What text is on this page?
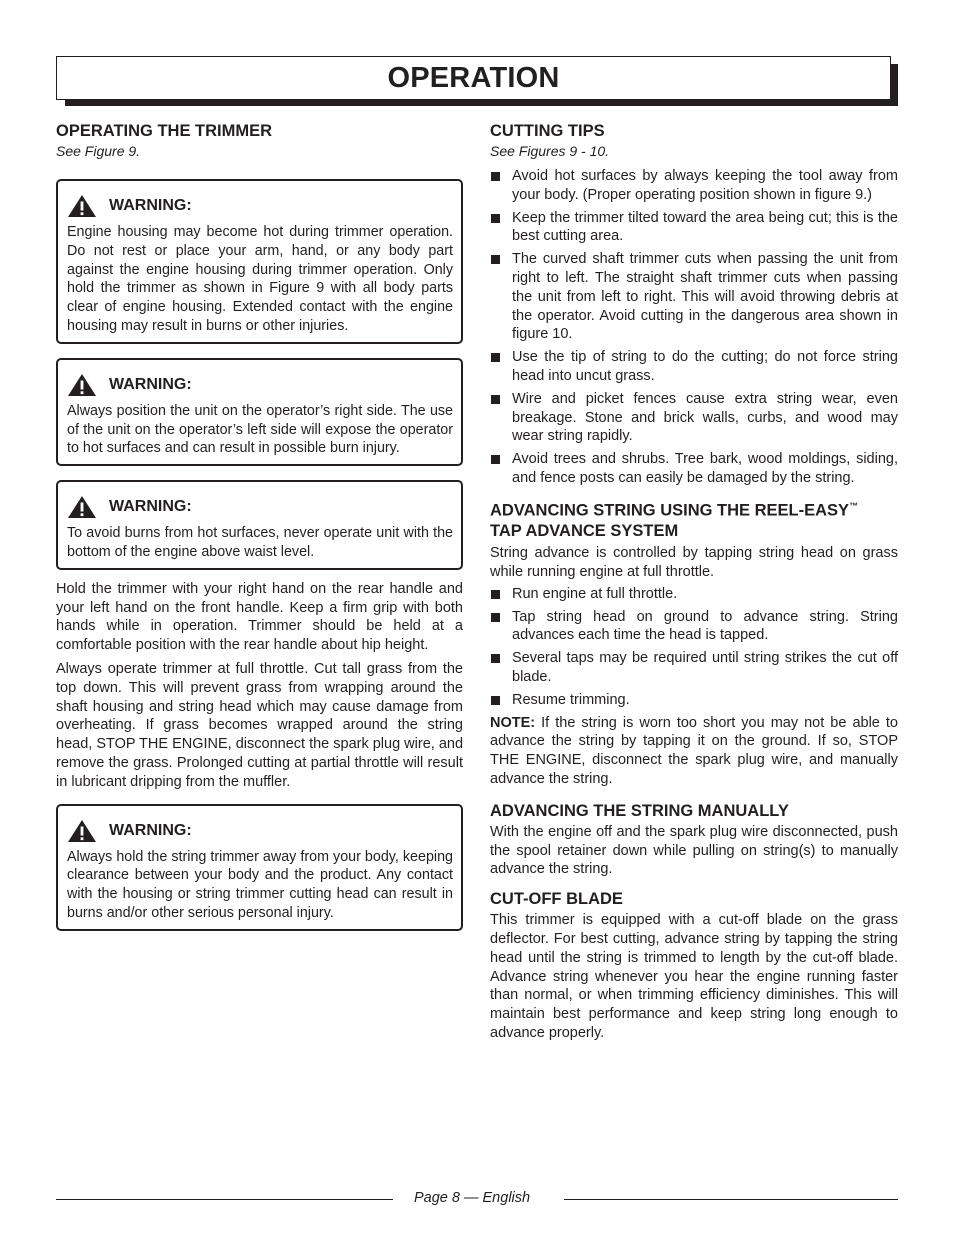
OPERATION
OPERATING THE TRIMMER
See Figure 9.
WARNING:

Engine housing may become hot during trimmer operation. Do not rest or place your arm, hand, or any body part against the engine housing during trimmer operation. Only hold the trimmer as shown in Figure 9 with all body parts clear of engine housing. Extended contact with the engine housing may result in burns or other injuries.

WARNING:

Always position the unit on the operator’s right side. The use of the unit on the operator’s left side will expose the operator to hot surfaces and can result in possible burn injury.

WARNING:

To avoid burns from hot surfaces, never operate unit with the bottom of the engine above waist level.

Hold the trimmer with your right hand on the rear handle and your left hand on the front handle. Keep a firm grip with both hands while in operation. Trimmer should be held at a comfortable position with the rear handle about hip height.

Always operate trimmer at full throttle. Cut tall grass from the top down. This will prevent grass from wrapping around the shaft housing and string head which may cause damage from overheating. If grass becomes wrapped around the string head, STOP THE ENGINE, disconnect the spark plug wire, and remove the grass. Prolonged cutting at partial throttle will result in lubricant dripping from the muffler.

WARNING:

Always hold the string trimmer away from your body, keeping clearance between your body and the product. Any contact with the housing or string trimmer cutting head can result in burns and/or other serious personal injury.

CUTTING TIPS
See Figures 9 - 10.
Avoid hot surfaces by always keeping the tool away from your body. (Proper operating position shown in figure 9.)
Keep the trimmer tilted toward the area being cut; this is the best cutting area.
The curved shaft trimmer cuts when passing the unit from right to left. The straight shaft trimmer cuts when passing the unit from left to right. This will avoid throwing debris at the operator. Avoid cutting in the dangerous area shown in figure 10.
Use the tip of string to do the cutting; do not force string head into uncut grass.
Wire and picket fences cause extra string wear, even breakage. Stone and brick walls, curbs, and wood may wear string rapidly.
Avoid trees and shrubs. Tree bark, wood moldings, siding, and fence posts can easily be damaged by the string.
ADVANCING STRING USING THE REEL-EASY™
TAP ADVANCE SYSTEM

String advance is controlled by tapping string head on grass while running engine at full throttle.

Run engine at full throttle.
Tap string head on ground to advance string. String advances each time the head is tapped.
Several taps may be required until string strikes the cut off blade.
Resume trimming.

NOTE: If the string is worn too short you may not be able to advance the string by tapping it on the ground. If so, STOP THE ENGINE, disconnect the spark plug wire, and manually advance the string.

ADVANCING THE STRING MANUALLY

With the engine off and the spark plug wire disconnected, push the spool retainer down while pulling on string(s) to manually advance the string.

CUT-OFF BLADE

This trimmer is equipped with a cut-off blade on the grass deflector. For best cutting, advance string by tapping the string head until the string is trimmed to length by the cut-off blade. Advance string whenever you hear the engine running faster than normal, or when trimming efficiency diminishes. This will maintain best performance and keep string long enough to advance properly.

Page 8 — English
